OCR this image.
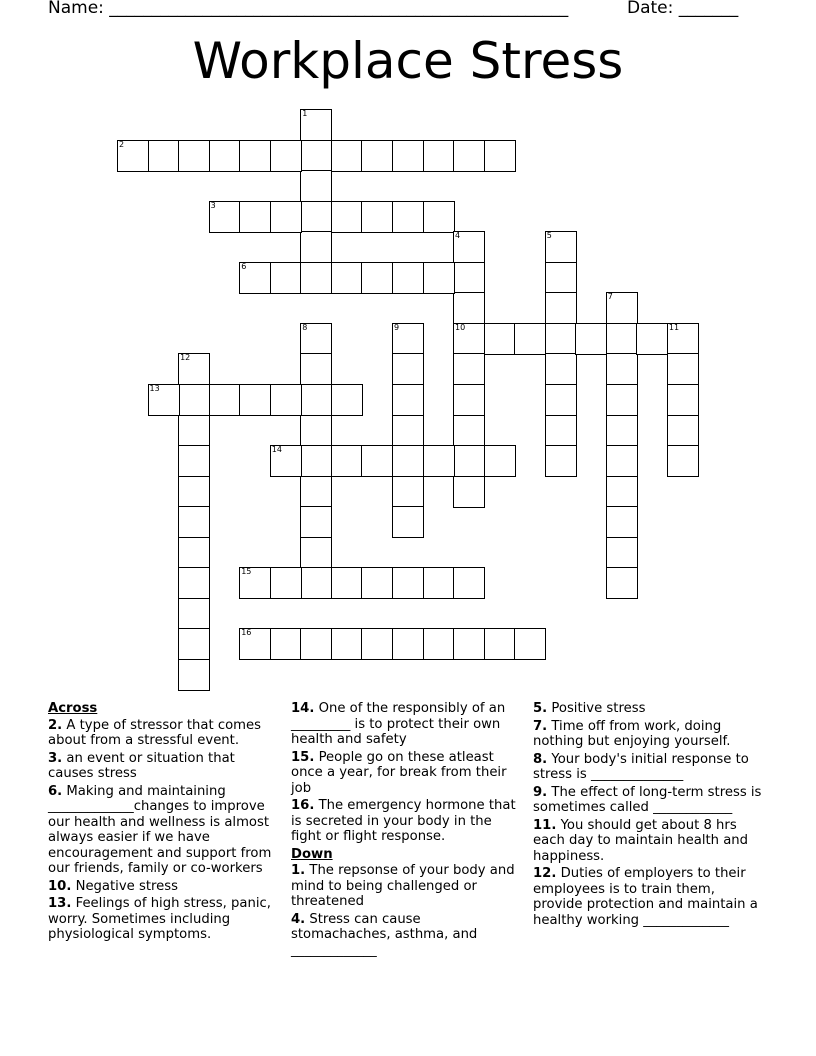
Name: ______________________________________________________	Date: _______
Workplace Stress
1
2
3
4
10
5
6
7
8	9	11
12
13
14
15
16
Across
2. A type of stressor that comes about from a stressful event.
3. an event or situation that causes stress
6. Making and maintaining _____________changes to improve our health and wellness is almost always easier if we have encouragement and support from our friends, family or co-workers
10. Negative stress
13. Feelings of high stress, panic, worry. Sometimes including physiological symptoms.
14. One of the responsibly of an _________ is to protect their own health and safety
15. People go on these atleast once a year, for break from their job
16. The emergency hormone that is secreted in your body in the fight or flight response.
Down
1. The repsonse of your body and mind to being challenged or threatened
4. Stress can cause stomachaches, asthma, and _____________
5. Positive stress
7. Time off from work, doing nothing but enjoying yourself.
8. Your body's initial response to stress is ______________
9. The effect of long-term stress is sometimes called ____________
11. You should get about 8 hrs each day to maintain health and happiness.
12. Duties of employers to their employees is to train them, provide protection and maintain a healthy working _____________
